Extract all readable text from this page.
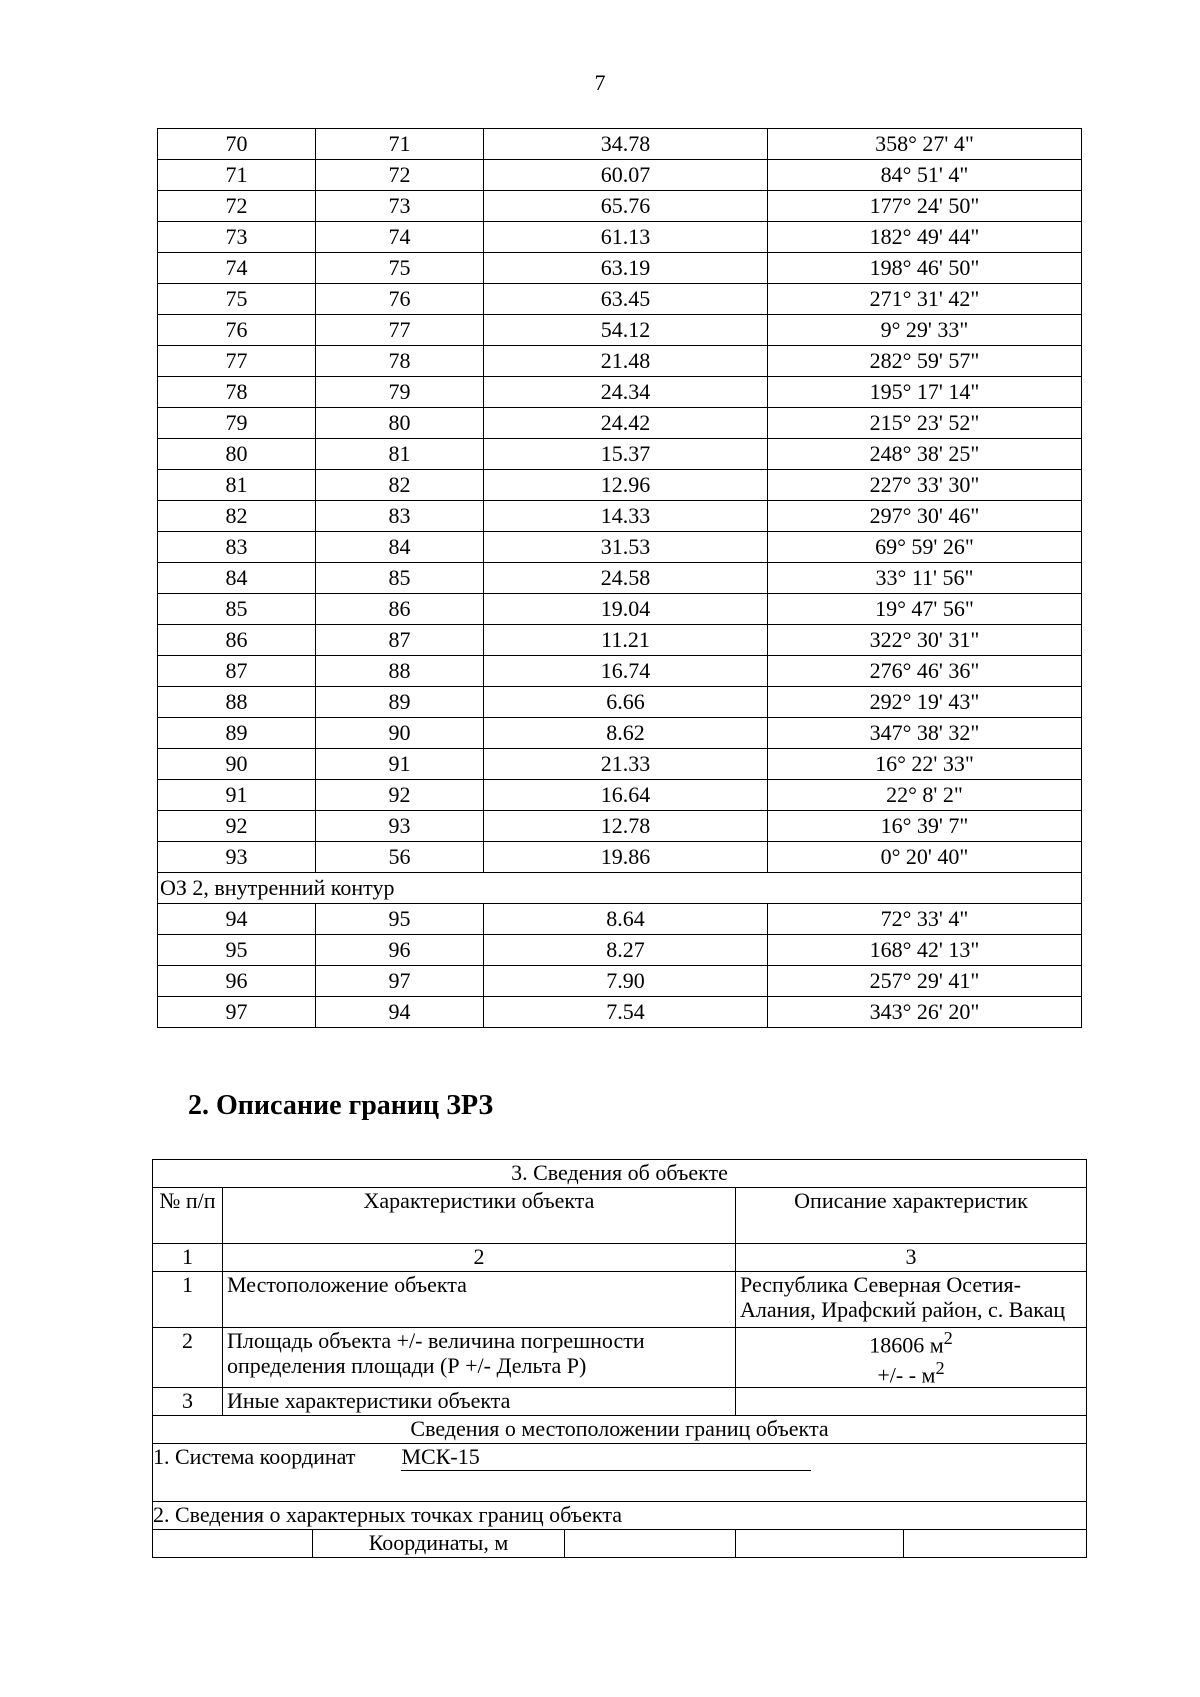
7
70	71	34.78	358° 27' 4"
71	72	60.07	84° 51' 4"
72	73	65.76	177° 24' 50"
73	74	61.13	182° 49' 44"
74	75	63.19	198° 46' 50"
75	76	63.45	271° 31' 42"
76	77	54.12	9° 29' 33"
77	78	21.48	282° 59' 57"
78	79	24.34	195° 17' 14"
79	80	24.42	215° 23' 52"
80	81	15.37	248° 38' 25"
81	82	12.96	227° 33' 30"
82	83	14.33	297° 30' 46"
83	84	31.53	69° 59' 26"
84	85	24.58	33° 11' 56"
85	86	19.04	19° 47' 56"
86	87	11.21	322° 30' 31"
87	88	16.74	276° 46' 36"
88	89	6.66	292° 19' 43"
89	90	8.62	347° 38' 32"
90	91	21.33	16° 22' 33"
91	92	16.64	22° 8' 2"
92	93	12.78	16° 39' 7"
93	56	19.86	0° 20' 40"
ОЗ 2, внутренний контур			
94	95	8.64	72° 33' 4"
95	96	8.27	168° 42' 13"
96	97	7.90	257° 29' 41"
97	94	7.54	343° 26' 20"
2. Описание границ ЗРЗ
3. Сведения об объекте					
№ п/п	Характеристики объекта			Описание характеристик	
1	2			3	
1	Местоположение объекта			Республика Северная Осетия-Алания, Ирафский район, с. Вакац	
2	Площадь объекта +/- величина погрешности определения площади (Р +/- Дельта Р)			18606 $м^2$
+/- - $м^2$

3	Иные характеристики объекта				
Сведения о местоположении границ объекта					
1. Система координат МСК-15					
2. Сведения о характерных точках границ объекта					
		Координаты, м			
